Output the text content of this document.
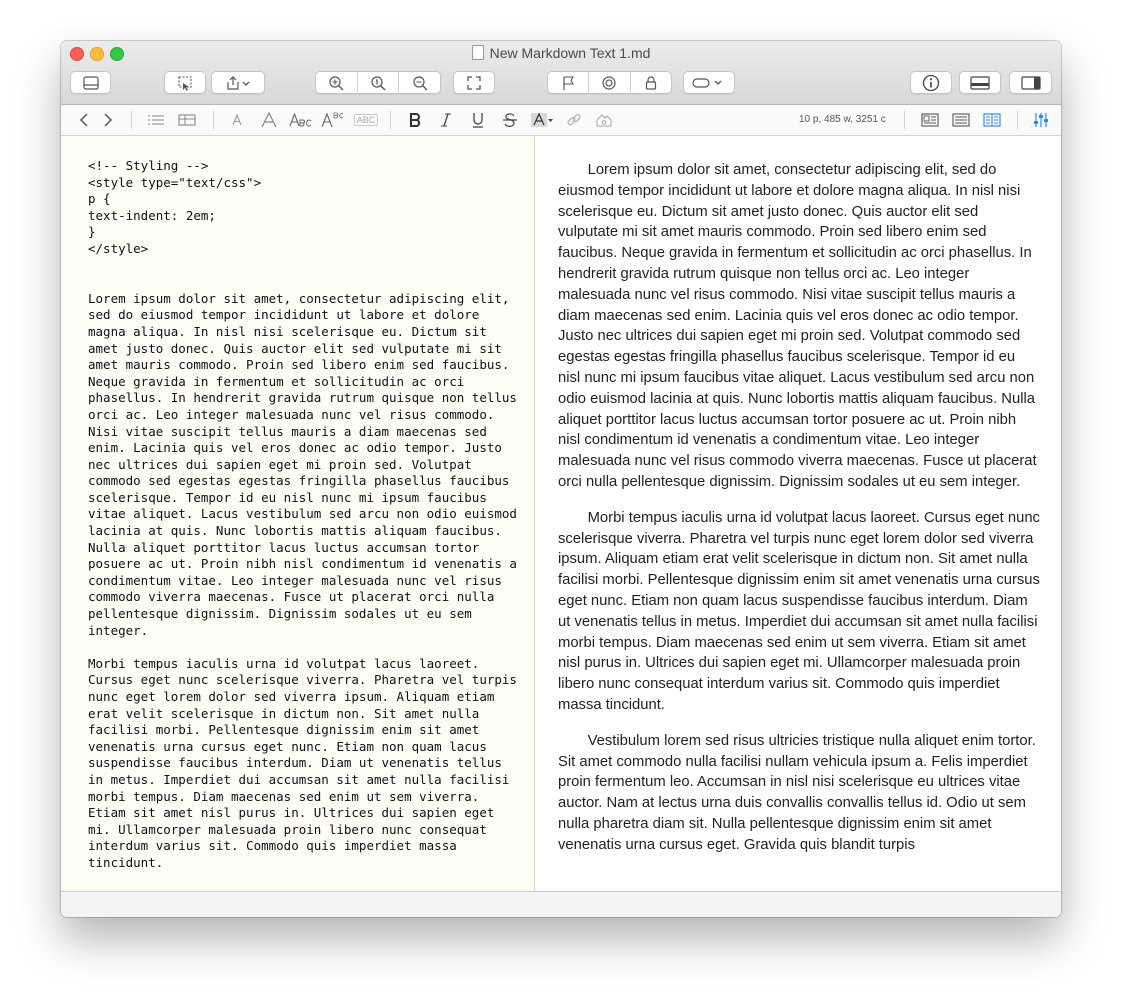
New Markdown Text 1.md
ABC	10 p, 485 w, 3251 c
<!-- Styling -->
<style type="text/css">
p {
text-indent: 2em;
}
</style>

Lorem ipsum dolor sit amet, consectetur adipiscing elit, sed do eiusmod tempor incididunt ut labore et dolore magna aliqua. In nisl nisi scelerisque eu. Dictum sit amet justo donec. Quis auctor elit sed vulputate mi sit amet mauris commodo. Proin sed libero enim sed faucibus. Neque gravida in fermentum et sollicitudin ac orci phasellus. In hendrerit gravida rutrum quisque non tellus orci ac. Leo integer malesuada nunc vel risus commodo. Nisi vitae suscipit tellus mauris a diam maecenas sed enim. Lacinia quis vel eros donec ac odio tempor. Justo nec ultrices dui sapien eget mi proin sed. Volutpat commodo sed egestas egestas fringilla phasellus faucibus scelerisque. Tempor id eu nisl nunc mi ipsum faucibus vitae aliquet. Lacus vestibulum sed arcu non odio euismod lacinia at quis. Nunc lobortis mattis aliquam faucibus. Nulla aliquet porttitor lacus luctus accumsan tortor posuere ac ut. Proin nibh nisl condimentum id venenatis a condimentum vitae. Leo integer malesuada nunc vel risus commodo viverra maecenas. Fusce ut placerat orci nulla pellentesque dignissim. Dignissim sodales ut eu sem integer.

Morbi tempus iaculis urna id volutpat lacus laoreet. Cursus eget nunc scelerisque viverra. Pharetra vel turpis nunc eget lorem dolor sed viverra ipsum. Aliquam etiam erat velit scelerisque in dictum non. Sit amet nulla facilisi morbi. Pellentesque dignissim enim sit amet venenatis urna cursus eget nunc. Etiam non quam lacus suspendisse faucibus interdum. Diam ut venenatis tellus in metus. Imperdiet dui accumsan sit amet nulla facilisi morbi tempus. Diam maecenas sed enim ut sem viverra. Etiam sit amet nisl purus in. Ultrices dui sapien eget mi. Ullamcorper malesuada proin libero nunc consequat interdum varius sit. Commodo quis imperdiet massa tincidunt.

Lorem ipsum dolor sit amet, consectetur adipiscing elit, sed do eiusmod tempor incididunt ut labore et dolore magna aliqua. In nisl nisi scelerisque eu. Dictum sit amet justo donec. Quis auctor elit sed vulputate mi sit amet mauris commodo. Proin sed libero enim sed faucibus. Neque gravida in fermentum et sollicitudin ac orci phasellus. In hendrerit gravida rutrum quisque non tellus orci ac. Leo integer malesuada nunc vel risus commodo. Nisi vitae suscipit tellus mauris a diam maecenas sed enim. Lacinia quis vel eros donec ac odio tempor. Justo nec ultrices dui sapien eget mi proin sed. Volutpat commodo sed egestas egestas fringilla phasellus faucibus scelerisque. Tempor id eu nisl nunc mi ipsum faucibus vitae aliquet. Lacus vestibulum sed arcu non odio euismod lacinia at quis. Nunc lobortis mattis aliquam faucibus. Nulla aliquet porttitor lacus luctus accumsan tortor posuere ac ut. Proin nibh nisl condimentum id venenatis a condimentum vitae. Leo integer malesuada nunc vel risus commodo viverra maecenas. Fusce ut placerat orci nulla pellentesque dignissim. Dignissim sodales ut eu sem integer.

Morbi tempus iaculis urna id volutpat lacus laoreet. Cursus eget nunc scelerisque viverra. Pharetra vel turpis nunc eget lorem dolor sed viverra ipsum. Aliquam etiam erat velit scelerisque in dictum non. Sit amet nulla facilisi morbi. Pellentesque dignissim enim sit amet venenatis urna cursus eget nunc. Etiam non quam lacus suspendisse faucibus interdum. Diam ut venenatis tellus in metus. Imperdiet dui accumsan sit amet nulla facilisi morbi tempus. Diam maecenas sed enim ut sem viverra. Etiam sit amet nisl purus in. Ultrices dui sapien eget mi. Ullamcorper malesuada proin libero nunc consequat interdum varius sit. Commodo quis imperdiet massa tincidunt.

Vestibulum lorem sed risus ultricies tristique nulla aliquet enim tortor. Sit amet commodo nulla facilisi nullam vehicula ipsum a. Felis imperdiet proin fermentum leo. Accumsan in nisl nisi scelerisque eu ultrices vitae auctor. Nam at lectus urna duis convallis convallis tellus id. Odio ut sem nulla pharetra diam sit. Nulla pellentesque dignissim enim sit amet venenatis urna cursus eget. Gravida quis blandit turpis
